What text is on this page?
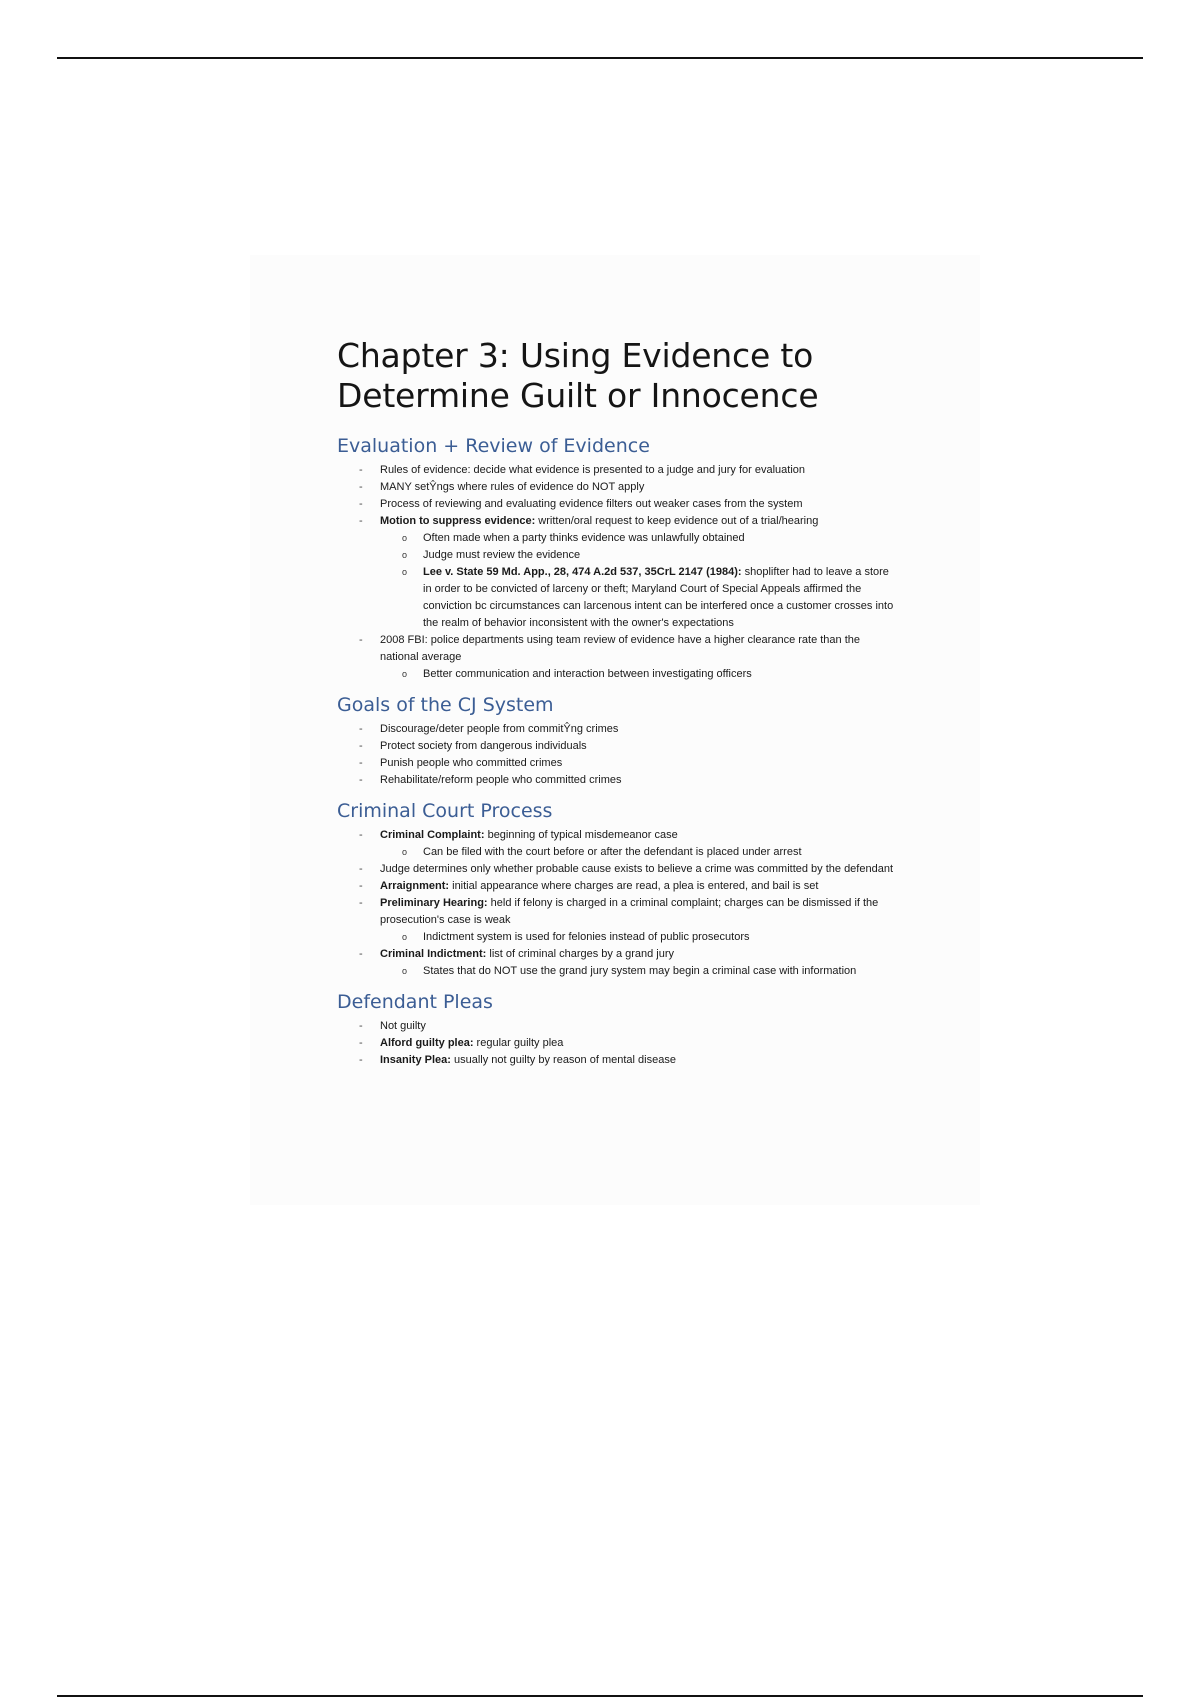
Chapter 3: Using Evidence to Determine Guilt or Innocence
Evaluation + Review of Evidence
- Rules of evidence: decide what evidence is presented to a judge and jury for evaluation
- MANY setŶngs where rules of evidence do NOT apply
- Process of reviewing and evaluating evidence filters out weaker cases from the system
- Motion to suppress evidence: written/oral request to keep evidence out of a trial/hearing
o Often made when a party thinks evidence was unlawfully obtained
o Judge must review the evidence
o Lee v. State 59 Md. App., 28, 474 A.2d 537, 35CrL 2147 (1984): shoplifter had to leave a store in order to be convicted of larceny or theft; Maryland Court of Special Appeals affirmed the conviction bc circumstances can larcenous intent can be interfered once a customer crosses into the realm of behavior inconsistent with the owner's expectations
- 2008 FBI: police departments using team review of evidence have a higher clearance rate than the national average
o Better communication and interaction between investigating officers
Goals of the CJ System
- Discourage/deter people from commitŶng crimes
- Protect society from dangerous individuals
- Punish people who committed crimes
- Rehabilitate/reform people who committed crimes
Criminal Court Process
- Criminal Complaint: beginning of typical misdemeanor case
o Can be filed with the court before or after the defendant is placed under arrest
- Judge determines only whether probable cause exists to believe a crime was committed by the defendant
- Arraignment: initial appearance where charges are read, a plea is entered, and bail is set
- Preliminary Hearing: held if felony is charged in a criminal complaint; charges can be dismissed if the prosecution's case is weak
o Indictment system is used for felonies instead of public prosecutors
- Criminal Indictment: list of criminal charges by a grand jury
o States that do NOT use the grand jury system may begin a criminal case with information
Defendant Pleas
- Not guilty
- Alford guilty plea: regular guilty plea
- Insanity Plea: usually not guilty by reason of mental disease
